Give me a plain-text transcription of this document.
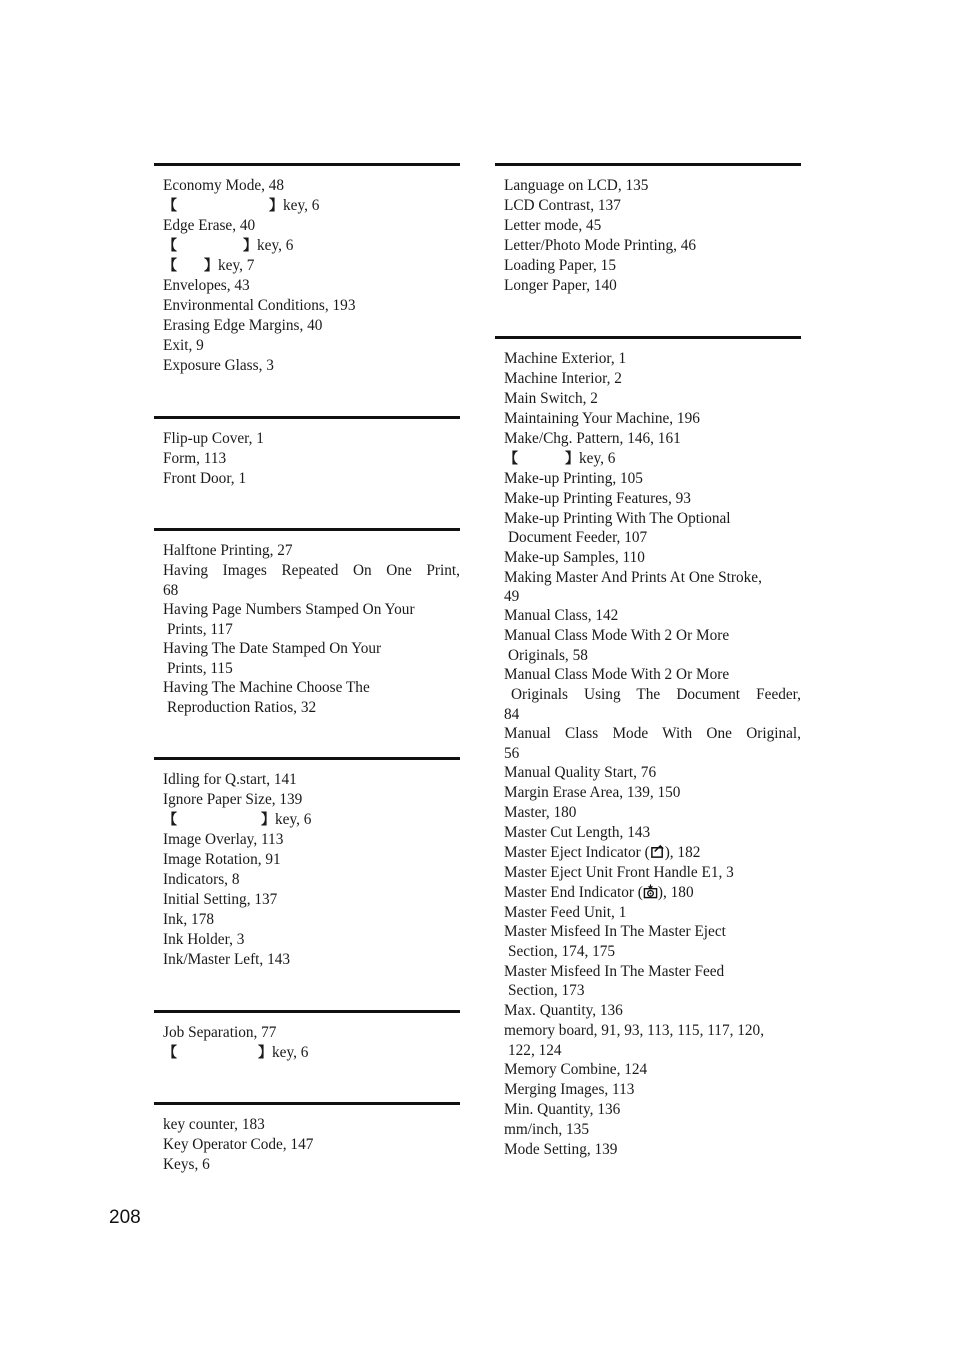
Economy Mode, 48

【	】key, 6

Edge Erase, 40

【	】key, 6

【 】key, 7

Envelopes, 43

Environmental Conditions, 193

Erasing Edge Margins, 40

Exit, 9

Exposure Glass, 3

Flip-up Cover, 1

Form, 113

Front Door, 1

Halftone Printing, 27

Having Images Repeated On One Print,

68

Having Page Numbers Stamped On Your

Prints, 117

Having The Date Stamped On Your

Prints, 115

Having The Machine Choose The

Reproduction Ratios, 32

Idling for Q.start, 141

Ignore Paper Size, 139

【	】key, 6

Image Overlay, 113

Image Rotation, 91

Indicators, 8

Initial Setting, 137

Ink, 178

Ink Holder, 3

Ink/Master Left, 143

Job Separation, 77

【	】key, 6

key counter, 183

Key Operator Code, 147

Keys, 6

Language on LCD, 135

LCD Contrast, 137

Letter mode, 45

Letter/Photo Mode Printing, 46

Loading Paper, 15

Longer Paper, 140

Machine Exterior, 1

Machine Interior, 2

Main Switch, 2

Maintaining Your Machine, 196

Make/Chg. Pattern, 146, 161

【	】key, 6

Make-up Printing, 105

Make-up Printing Features, 93

Make-up Printing With The Optional

Document Feeder, 107

Make-up Samples, 110

Making Master And Prints At One Stroke,

49

Manual Class, 142

Manual Class Mode With 2 Or More

Originals, 58

Manual Class Mode With 2 Or More

Originals Using The Document Feeder,

84

Manual Class Mode With One Original,

56

Manual Quality Start, 76

Margin Erase Area, 139, 150

Master, 180

Master Cut Length, 143

Master Eject Indicator ( ), 182

Master Eject Unit Front Handle E1, 3

Master End Indicator ( ), 180

Master Feed Unit, 1

Master Misfeed In The Master Eject

Section, 174, 175

Master Misfeed In The Master Feed

Section, 173

Max. Quantity, 136

memory board, 91, 93, 113, 115, 117, 120,

122, 124

Memory Combine, 124

Merging Images, 113

Min. Quantity, 136

mm/inch, 135

Mode Setting, 139

208
